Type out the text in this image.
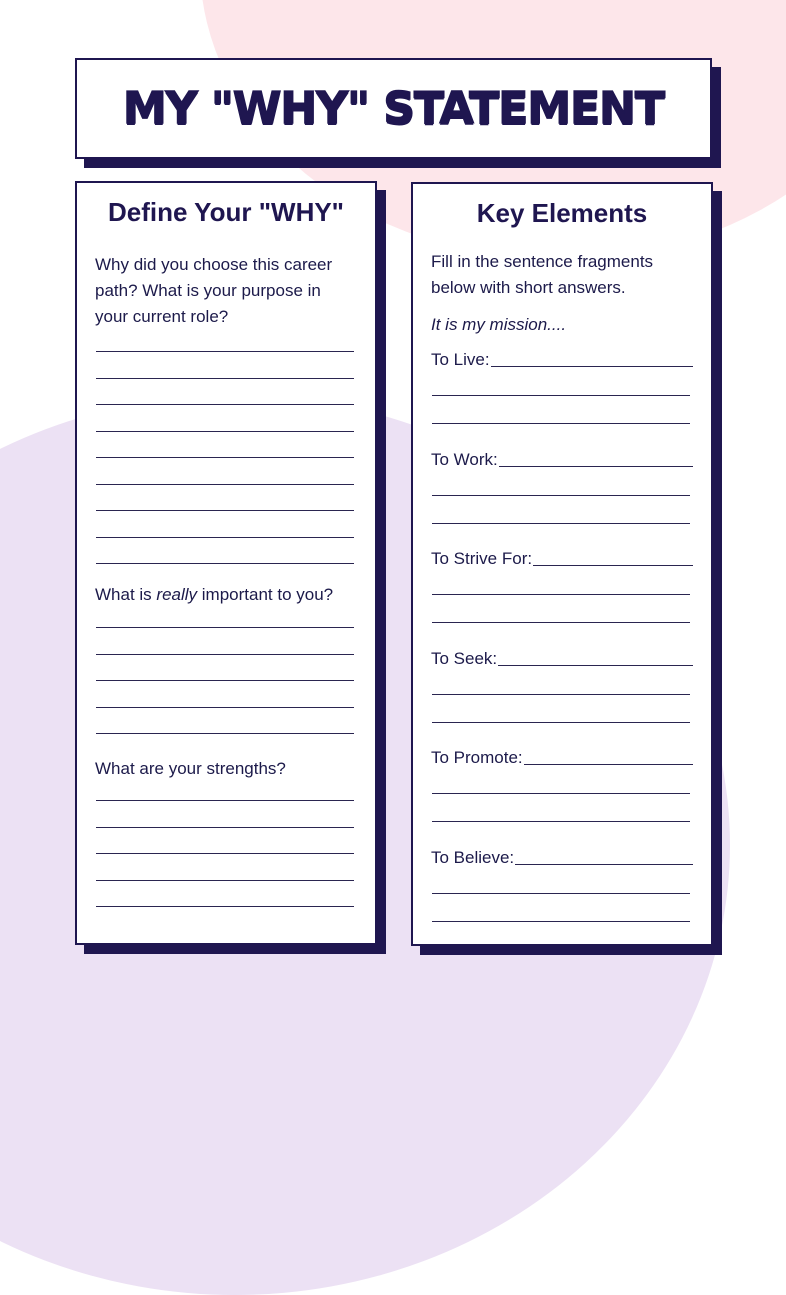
MY "WHY" STATEMENT
Define Your "WHY"
Why did you choose this career
path? What is your purpose in
your current role?
What is really important to you?
What are your strengths?
Key Elements
Fill in the sentence fragments
below with short answers.
It is my mission....
To Live:
To Work:
To Strive For:
To Seek:
To Promote:
To Believe:
